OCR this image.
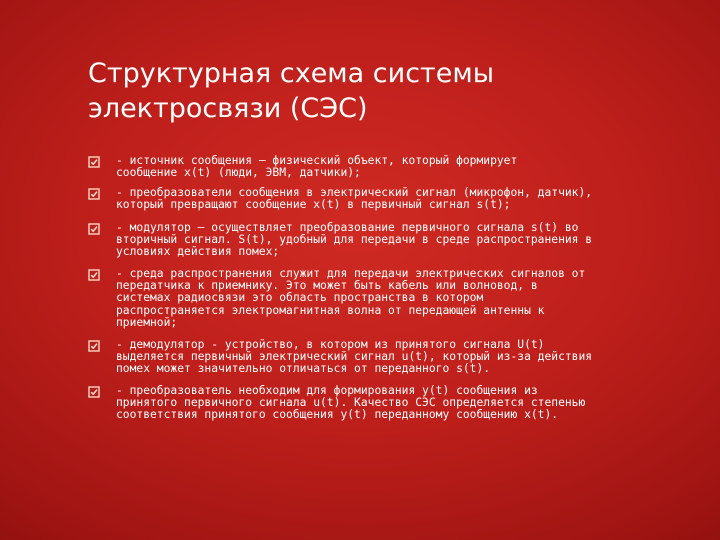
Структурная схема системы
электросвязи (СЭС)

- источник сообщения – физический объект, который формирует
сообщение x(t) (люди, ЭВМ, датчики);

- преобразователи сообщения в электрический сигнал (микрофон, датчик),
который превращают сообщение x(t) в первичный сигнал s(t);

- модулятор – осуществляет преобразование первичного сигнала s(t) во
вторичный сигнал. S(t), удобный для передачи в среде распространения в
условиях действия помех;

- среда распространения служит для передачи электрических сигналов от
передатчика к приемнику. Это может быть кабель или волновод, в
системах радиосвязи это область пространства в котором
распространяется электромагнитная волна от передающей антенны к
приемной;

- демодулятор - устройство, в котором из принятого сигнала U(t)
выделяется первичный электрический сигнал u(t), который из-за действия
помех может значительно отличаться от переданного s(t).

- преобразователь необходим для формирования y(t) сообщения из
принятого первичного сигнала u(t). Качество СЭС определяется степенью
соответствия принятого сообщения y(t) переданному сообщению x(t).
